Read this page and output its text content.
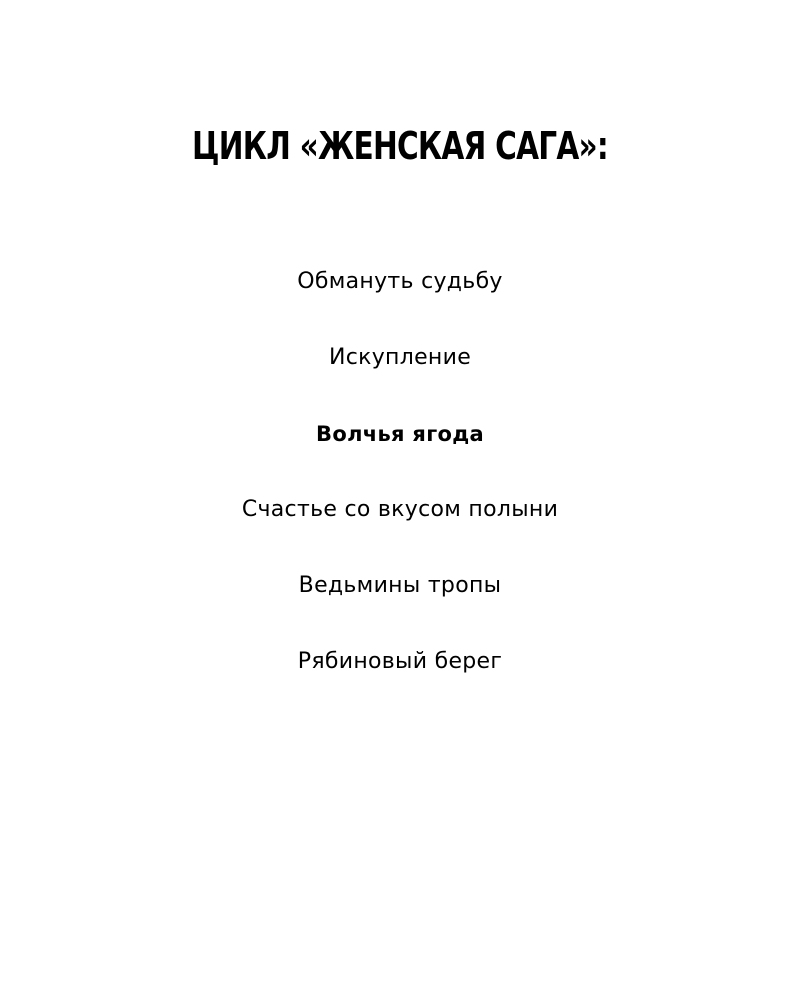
ЦИКЛ «ЖЕНСКАЯ САГА»:
Обмануть судьбу
Искупление
Волчья ягода
Счастье со вкусом полыни
Ведьмины тропы
Рябиновый берег
